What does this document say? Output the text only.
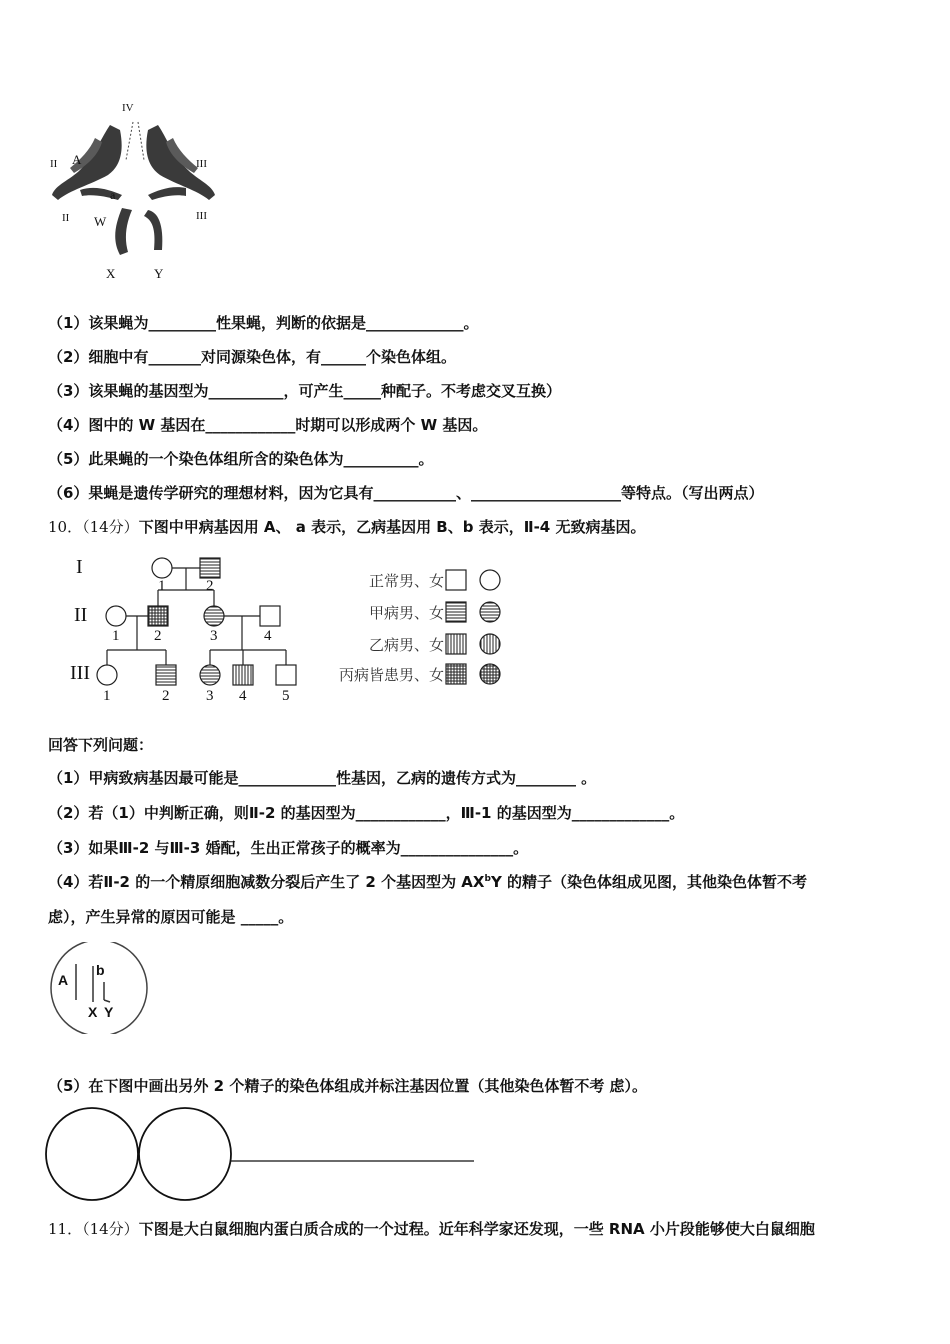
IV
II A
a
II W
III
III
X	Y
（1）该果蝇为_________性果蝇，判断的依据是_____________。
（2）细胞中有_______对同源染色体，有______个染色体组。
（3）该果蝇的基因型为__________，可产生_____种配子。不考虑交叉互换）
（4）图中的 W 基因在____________时期可以形成两个 W 基因。
（5）此果蝇的一个染色体组所含的染色体为__________。
（6）果蝇是遗传学研究的理想材料，因为它具有___________、____________________等特点。（写出两点）
10．（14分）下图中甲病基因用 A、 a 表示，乙病基因用 B、b 表示，Ⅱ-4 无致病基因。
I
II
III
1	2
1 2	3	4
1	2 3 4 5
正常男、女
甲病男、女
乙病男、女
丙病皆患男、女
回答下列问题：
（1）甲病致病基因最可能是_____________性基因，乙病的遗传方式为________ 。
（2）若（1）中判断正确，则Ⅱ-2 的基因型为____________，Ⅲ-1 的基因型为_____________。
（3）如果Ⅲ-2 与Ⅲ-3 婚配，生出正常孩子的概率为_______________。
（4）若Ⅱ-2 的一个精原细胞减数分裂后产生了 2 个基因型为 $AX^bY$ 的精子（染色体组成见图，其他染色体暂不考
虑），产生异常的原因可能是 _____。
A
b
X Y
（5）在下图中画出另外 2 个精子的染色体组成并标注基因位置（其他染色体暂不考 虑）。
11．（14分）下图是大白鼠细胞内蛋白质合成的一个过程。近年科学家还发现，一些 RNA 小片段能够使大白鼠细胞
